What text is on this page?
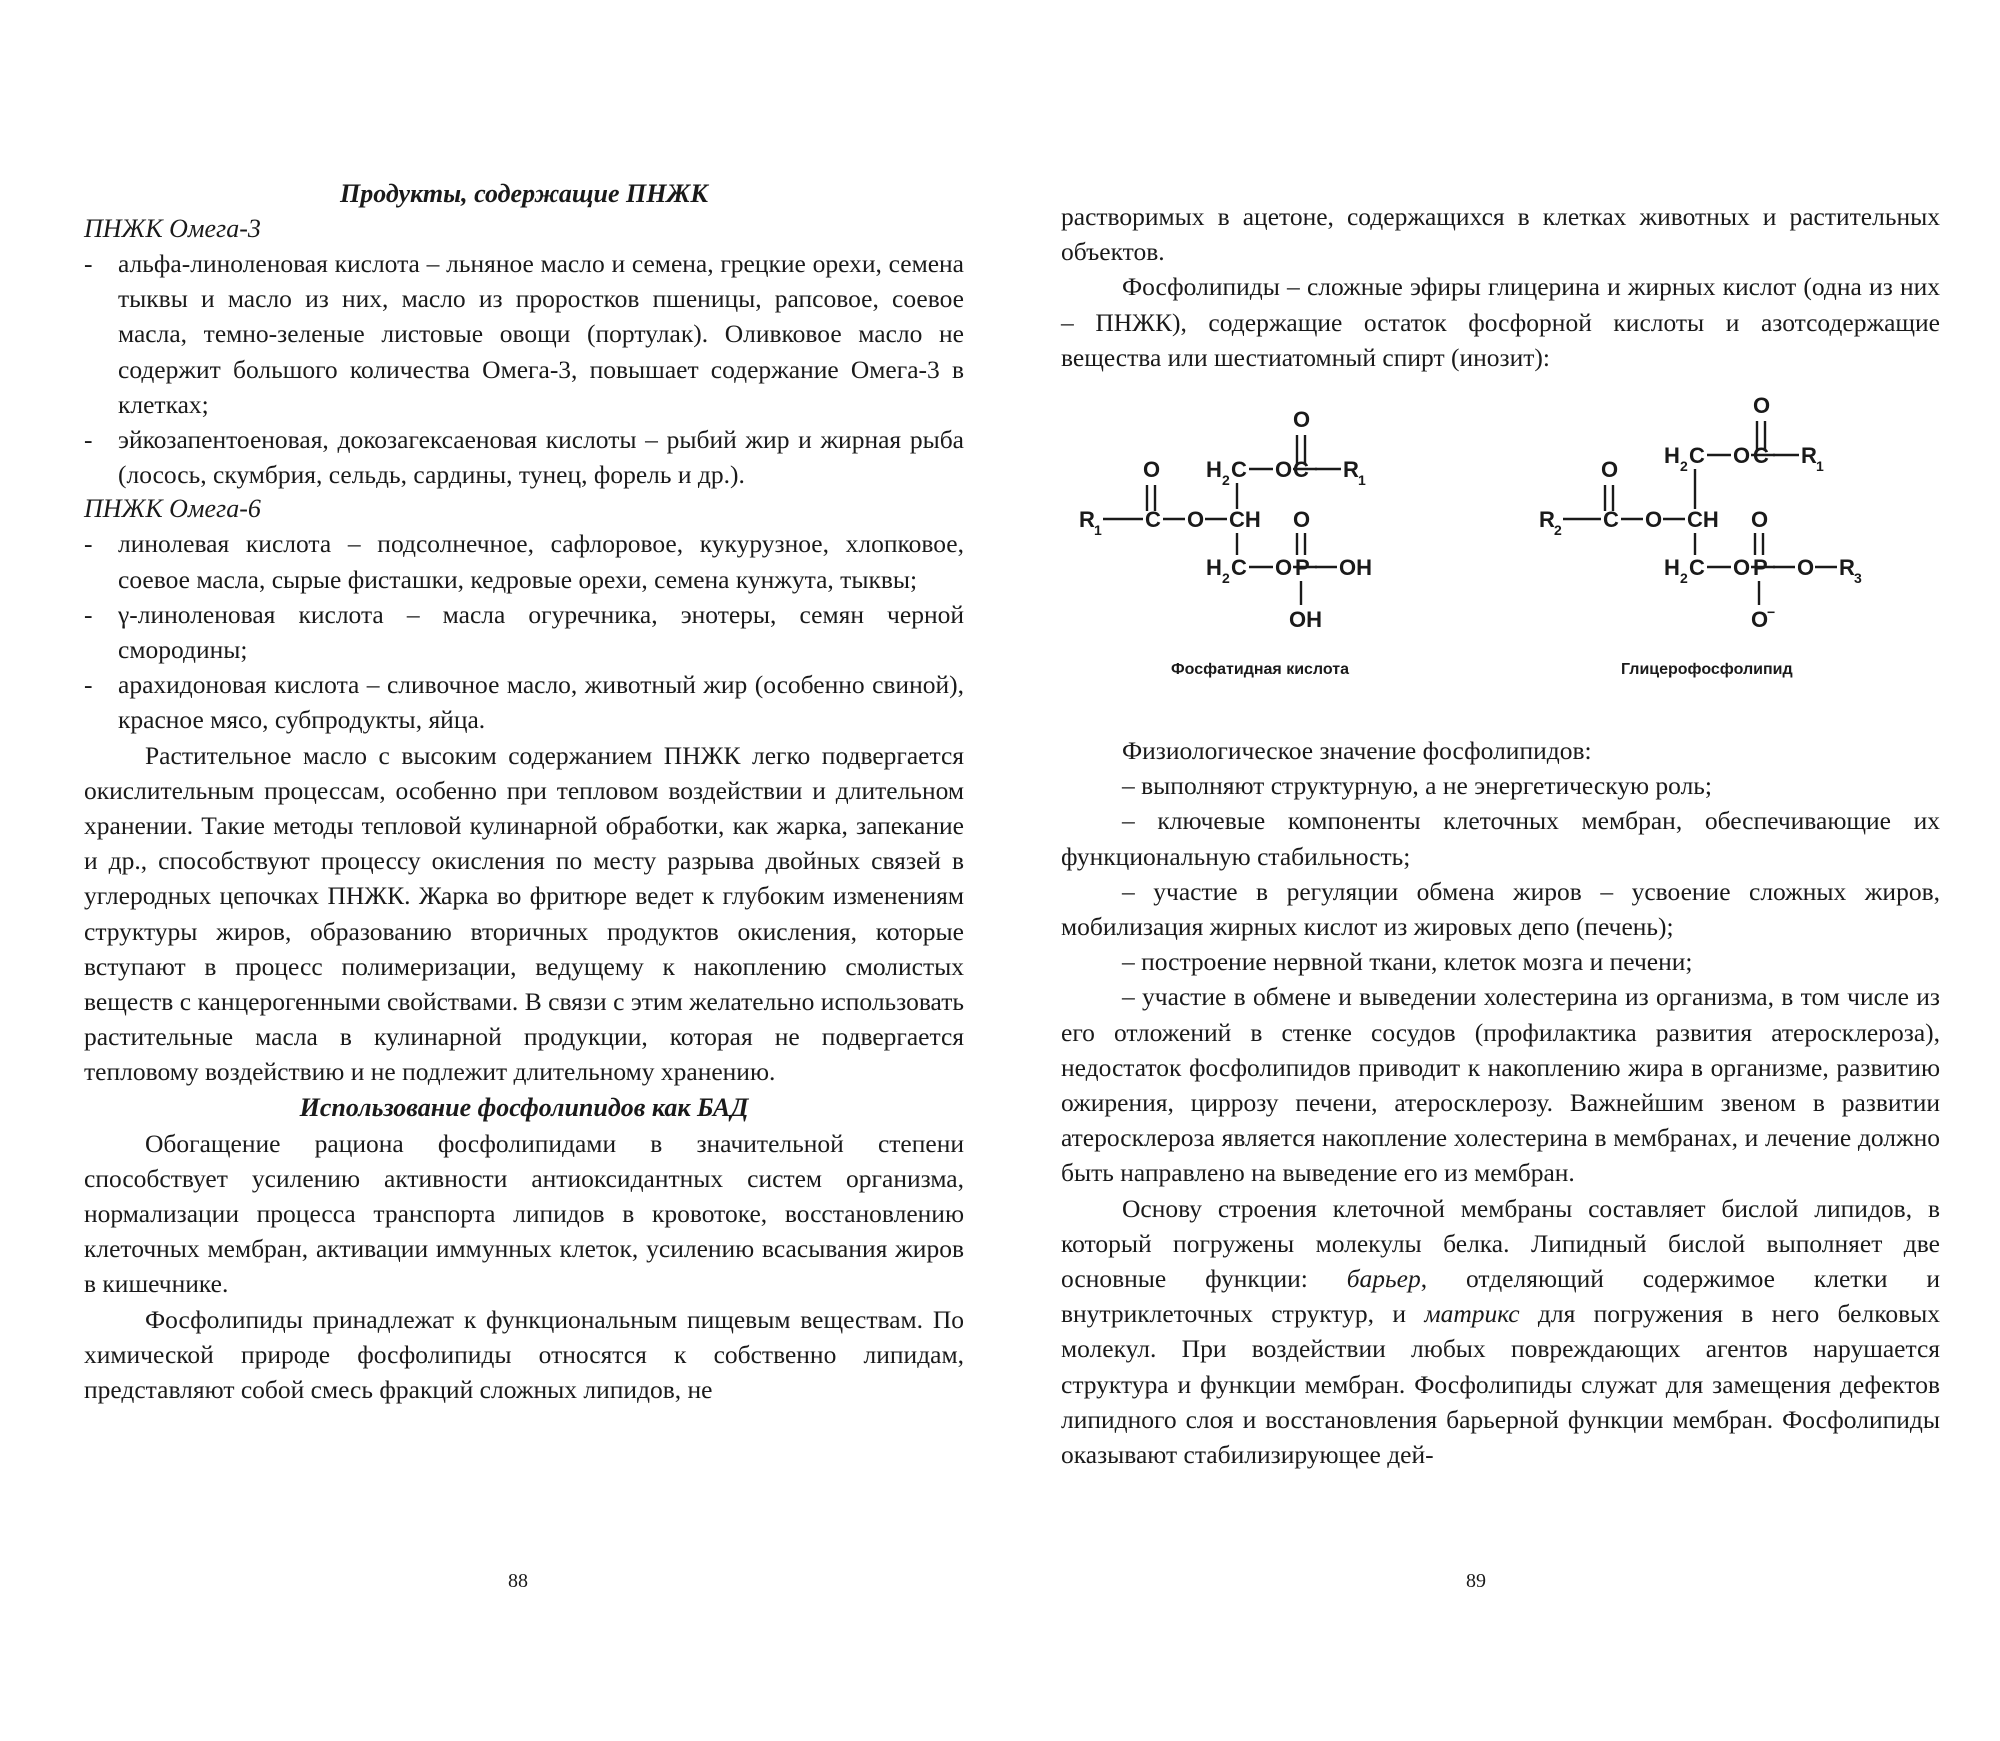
Продукты, содержащие ПНЖК

ПНЖК Омега-3

-	альфа-линоленовая кислота – льняное масло и семена, грецкие орехи, семена тыквы и масло из них, масло из проростков пшеницы, рапсовое, соевое масла, темно-зеленые листовые овощи (портулак). Оливковое масло не содержит большого количества Омега-3, повышает содержание Омега-3 в клетках;

-	эйкозапентоеновая, докозагексаеновая кислоты – рыбий жир и жирная рыба (лосось, скумбрия, сельдь, сардины, тунец, форель и др.).

ПНЖК Омега-6

-	линолевая кислота – подсолнечное, сафлоровое, кукурузное, хлопковое, соевое масла, сырые фисташки, кедровые орехи, семена кунжута, тыквы;

-	γ-линоленовая кислота – масла огуречника, энотеры, семян черной смородины;

-	арахидоновая кислота – сливочное масло, животный жир (особенно свиной), красное мясо, субпродукты, яйца.

Растительное масло с высоким содержанием ПНЖК легко подвергается окислительным процессам, особенно при тепловом воздействии и длительном хранении. Такие методы тепловой кулинарной обработки, как жарка, запекание и др., способствуют процессу окисления по месту разрыва двойных связей в углеродных цепочках ПНЖК. Жарка во фритюре ведет к глубоким изменениям структуры жиров, образованию вторичных продуктов окисления, которые вступают в процесс полимеризации, ведущему к накоплению смолистых веществ с канцерогенными свойствами. В связи с этим желательно использовать растительные масла в кулинарной продукции, которая не подвергается тепловому воздействию и не подлежит длительному хранению.

Использование фосфолипидов как БАД

Обогащение рациона фосфолипидами в значительной степени способствует усилению активности антиоксидантных систем организма, нормализации процесса транспорта липидов в кровотоке, восстановлению клеточных мембран, активации иммунных клеток, усилению всасывания жиров в кишечнике.

Фосфолипиды принадлежат к функциональным пищевым веществам. По химической природе фосфолипиды относятся к собственно липидам, представляют собой смесь фракций сложных липидов, не

88

растворимых в ацетоне, содержащихся в клетках животных и растительных объектов.

Фосфолипиды – сложные эфиры глицерина и жирных кислот (одна из них – ПНЖК), содержащие остаток фосфорной кислоты и азотсодержащие вещества или шестиатомный спирт (инозит):

O
H 2 C O C R 1
O
R 1 C O CH O
H 2 C O P OH
OH
O
H 2 C O C R 1
O
R 2 C O CH O
H 2 C O P O R 3
O
−
Фосфатидная кислота	Глицерофосфолипид

Физиологическое значение фосфолипидов:

– выполняют структурную, а не энергетическую роль;

– ключевые компоненты клеточных мембран, обеспечивающие их функциональную стабильность;

– участие в регуляции обмена жиров – усвоение сложных жиров, мобилизация жирных кислот из жировых депо (печень);

– построение нервной ткани, клеток мозга и печени;

– участие в обмене и выведении холестерина из организма, в том числе из его отложений в стенке сосудов (профилактика развития атеросклероза), недостаток фосфолипидов приводит к накоплению жира в организме, развитию ожирения, циррозу печени, атеросклерозу. Важнейшим звеном в развитии атеросклероза является накопление холестерина в мембранах, и лечение должно быть направлено на выведение его из мембран.

Основу строения клеточной мембраны составляет бислой липидов, в который погружены молекулы белка. Липидный бислой выполняет две основные функции: барьер, отделяющий содержимое клетки и внутриклеточных структур, и матрикс для погружения в него белковых молекул. При воздействии любых повреждающих агентов нарушается структура и функции мембран. Фосфолипиды служат для замещения дефектов липидного слоя и восстановления барьерной функции мембран. Фосфолипиды оказывают стабилизирующее дей-

89
